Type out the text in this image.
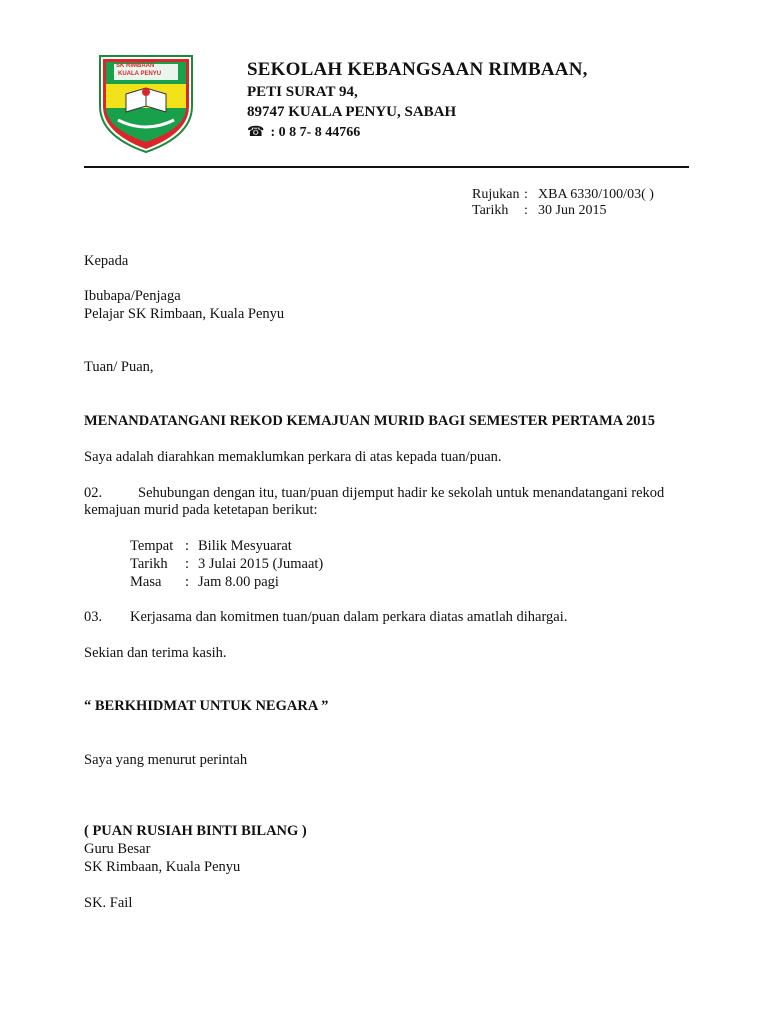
SK RIMBAAN
KUALA PENYU	SEKOLAH KEBANGSAAN RIMBAAN,
PETI SURAT 94,
89747 KUALA PENYU, SABAH
☎ : 0 8 7- 8 44766
Rujukan : XBA 6330/100/03( )
Tarikh : 30 Jun 2015
Kepada
Ibubapa/Penjaga
Pelajar SK Rimbaan, Kuala Penyu
Tuan/ Puan,
MENANDATANGANI REKOD KEMAJUAN MURID BAGI SEMESTER PERTAMA 2015
Saya adalah diarahkan memaklumkan perkara di atas kepada tuan/puan.
02. Sehubungan dengan itu, tuan/puan dijemput hadir ke sekolah untuk menandatangani rekod
kemajuan murid pada ketetapan berikut:
Tempat : Bilik Mesyuarat
Tarikh : 3 Julai 2015 (Jumaat)
Masa : Jam 8.00 pagi
03. Kerjasama dan komitmen tuan/puan dalam perkara diatas amatlah dihargai.
Sekian dan terima kasih.
“ BERKHIDMAT UNTUK NEGARA ”
Saya yang menurut perintah
( PUAN RUSIAH BINTI BILANG )
Guru Besar
SK Rimbaan, Kuala Penyu
SK. Fail
